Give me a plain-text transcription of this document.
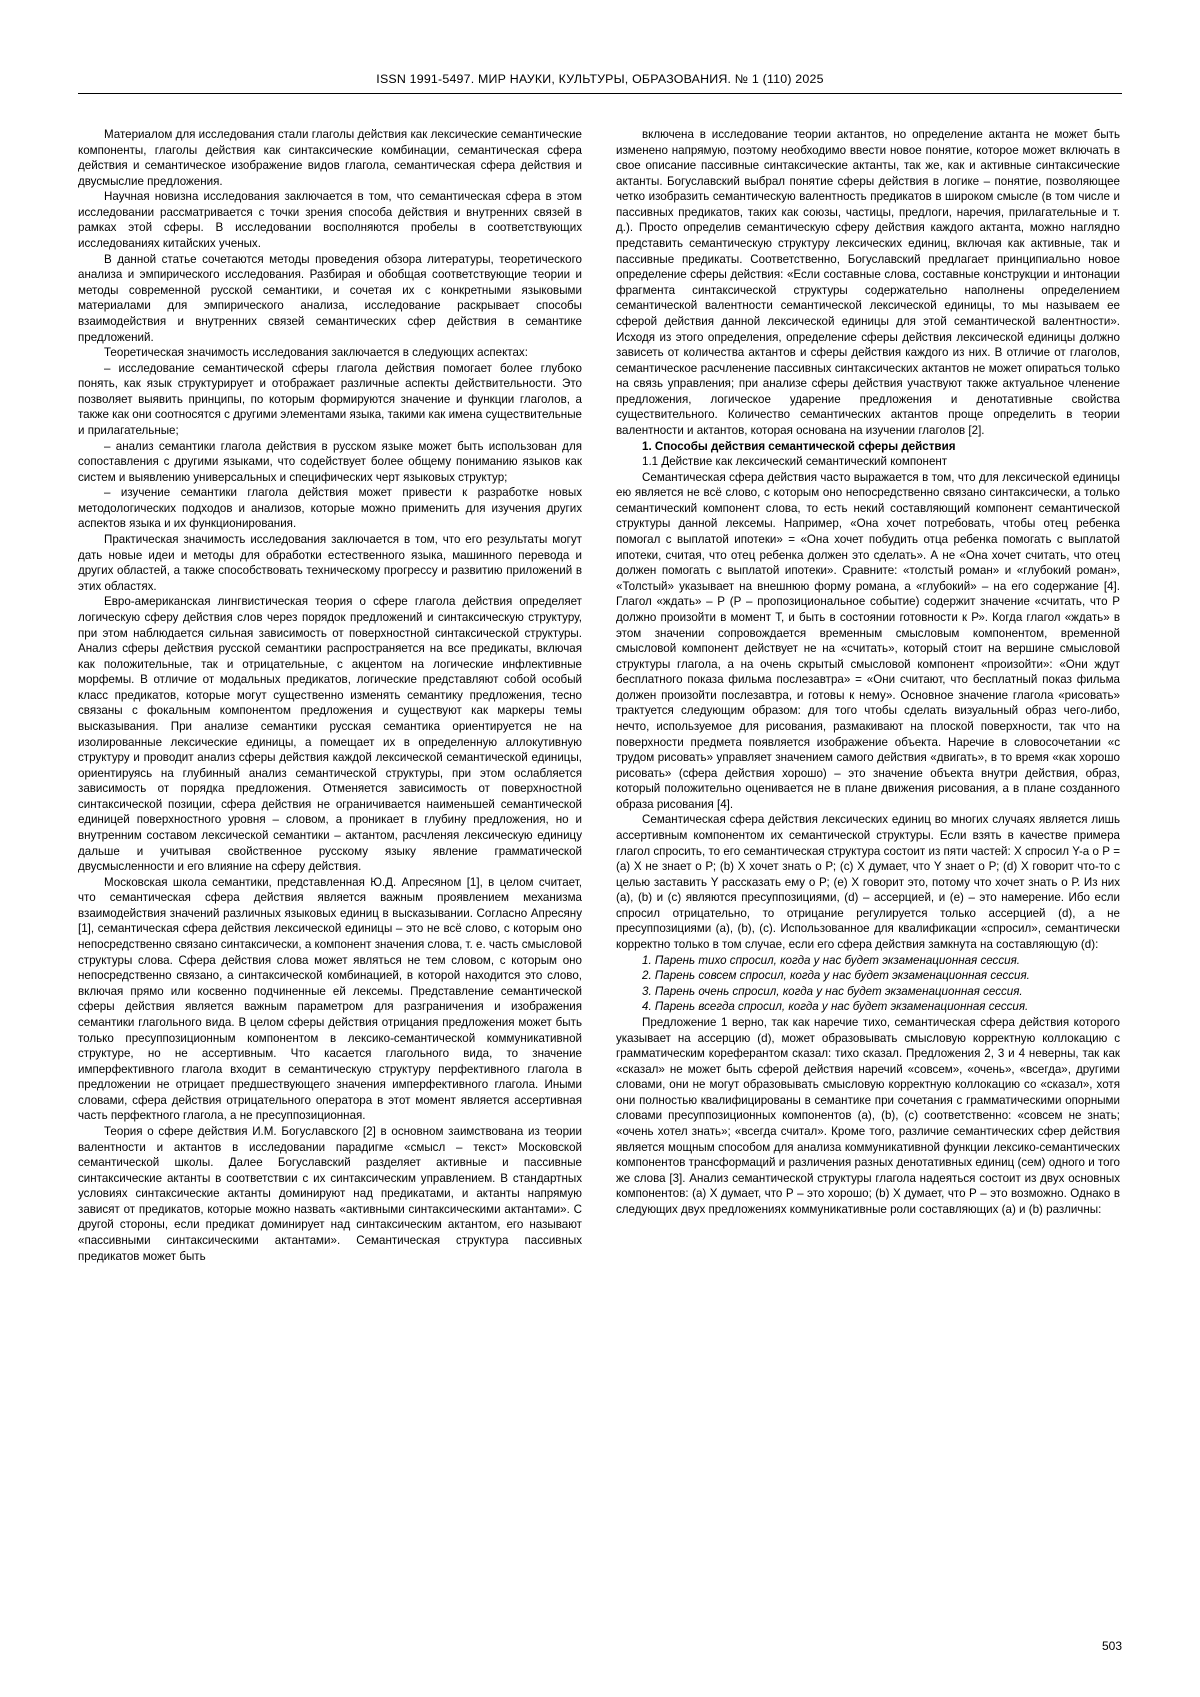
ISSN 1991-5497. МИР НАУКИ, КУЛЬТУРЫ, ОБРАЗОВАНИЯ. № 1 (110) 2025

Материалом для исследования стали глаголы действия как лексические семантические компоненты, глаголы действия как синтаксические комбинации, семантическая сфера действия и семантическое изображение видов глагола, семантическая сфера действия и двусмыслие предложения.

Научная новизна исследования заключается в том, что семантическая сфера в этом исследовании рассматривается с точки зрения способа действия и внутренних связей в рамках этой сферы. В исследовании восполняются пробелы в соответствующих исследованиях китайских ученых.

В данной статье сочетаются методы проведения обзора литературы, теоретического анализа и эмпирического исследования. Разбирая и обобщая соответствующие теории и методы современной русской семантики, и сочетая их с конкретными языковыми материалами для эмпирического анализа, исследование раскрывает способы взаимодействия и внутренних связей семантических сфер действия в семантике предложений.

Теоретическая значимость исследования заключается в следующих аспектах:

– исследование семантической сферы глагола действия помогает более глубоко понять, как язык структурирует и отображает различные аспекты действительности. Это позволяет выявить принципы, по которым формируются значение и функции глаголов, а также как они соотносятся с другими элементами языка, такими как имена существительные и прилагательные;

– анализ семантики глагола действия в русском языке может быть использован для сопоставления с другими языками, что содействует более общему пониманию языков как систем и выявлению универсальных и специфических черт языковых структур;

– изучение семантики глагола действия может привести к разработке новых методологических подходов и анализов, которые можно применить для изучения других аспектов языка и их функционирования.

Практическая значимость исследования заключается в том, что его результаты могут дать новые идеи и методы для обработки естественного языка, машинного перевода и других областей, а также способствовать техническому прогрессу и развитию приложений в этих областях.

Евро-американская лингвистическая теория о сфере глагола действия определяет логическую сферу действия слов через порядок предложений и синтаксическую структуру, при этом наблюдается сильная зависимость от поверхностной синтаксической структуры. Анализ сферы действия русской семантики распространяется на все предикаты, включая как положительные, так и отрицательные, с акцентом на логические инфлективные морфемы. В отличие от модальных предикатов, логические представляют собой особый класс предикатов, которые могут существенно изменять семантику предложения, тесно связаны с фокальным компонентом предложения и существуют как маркеры темы высказывания. При анализе семантики русская семантика ориентируется не на изолированные лексические единицы, а помещает их в определенную аллокутивную структуру и проводит анализ сферы действия каждой лексической семантической единицы, ориентируясь на глубинный анализ семантической структуры, при этом ослабляется зависимость от порядка предложения. Отменяется зависимость от поверхностной синтаксической позиции, сфера действия не ограничивается наименьшей семантической единицей поверхностного уровня – словом, а проникает в глубину предложения, но и внутренним составом лексической семантики – актантом, расчленяя лексическую единицу дальше и учитывая свойственное русскому языку явление грамматической двусмысленности и его влияние на сферу действия.

Московская школа семантики, представленная Ю.Д. Апресяном [1], в целом считает, что семантическая сфера действия является важным проявлением механизма взаимодействия значений различных языковых единиц в высказывании. Согласно Апресяну [1], семантическая сфера действия лексической единицы – это не всё слово, с которым оно непосредственно связано синтаксически, а компонент значения слова, т. е. часть смысловой структуры слова. Сфера действия слова может являться не тем словом, с которым оно непосредственно связано, а синтаксической комбинацией, в которой находится это слово, включая прямо или косвенно подчиненные ей лексемы. Представление семантической сферы действия является важным параметром для разграничения и изображения семантики глагольного вида. В целом сферы действия отрицания предложения может быть только пресуппозиционным компонентом в лексико-семантической коммуникативной структуре, но не ассертивным. Что касается глагольного вида, то значение имперфективного глагола входит в семантическую структуру перфективного глагола в предложении не отрицает предшествующего значения имперфективного глагола. Иными словами, сфера действия отрицательного оператора в этот момент является ассертивная часть перфектного глагола, а не пресуппозиционная.

Теория о сфере действия И.М. Богуславского [2] в основном заимствована из теории валентности и актантов в исследовании парадигме «смысл – текст» Московской семантической школы. Далее Богуславский разделяет активные и пассивные синтаксические актанты в соответствии с их синтаксическим управлением. В стандартных условиях синтаксические актанты доминируют над предикатами, и актанты напрямую зависят от предикатов, которые можно назвать «активными синтаксическими актантами». С другой стороны, если предикат доминирует над синтаксическим актантом, его называют «пассивными синтаксическими актантами». Семантическая структура пассивных предикатов может быть

включена в исследование теории актантов, но определение актанта не может быть изменено напрямую, поэтому необходимо ввести новое понятие, которое может включать в свое описание пассивные синтаксические актанты, так же, как и активные синтаксические актанты. Богуславский выбрал понятие сферы действия в логике – понятие, позволяющее четко изобразить семантическую валентность предикатов в широком смысле (в том числе и пассивных предикатов, таких как союзы, частицы, предлоги, наречия, прилагательные и т. д.). Просто определив семантическую сферу действия каждого актанта, можно наглядно представить семантическую структуру лексических единиц, включая как активные, так и пассивные предикаты. Соответственно, Богуславский предлагает принципиально новое определение сферы действия: «Если составные слова, составные конструкции и интонации фрагмента синтаксической структуры содержательно наполнены определением семантической валентности семантической лексической единицы, то мы называем ее сферой действия данной лексической единицы для этой семантической валентности». Исходя из этого определения, определение сферы действия лексической единицы должно зависеть от количества актантов и сферы действия каждого из них. В отличие от глаголов, семантическое расчленение пассивных синтаксических актантов не может опираться только на связь управления; при анализе сферы действия участвуют также актуальное членение предложения, логическое ударение предложения и денотативные свойства существительного. Количество семантических актантов проще определить в теории валентности и актантов, которая основана на изучении глаголов [2].

1. Способы действия семантической сферы действия

1.1 Действие как лексический семантический компонент

Семантическая сфера действия часто выражается в том, что для лексической единицы ею является не всё слово, с которым оно непосредственно связано синтаксически, а только семантический компонент слова, то есть некий составляющий компонент семантической структуры данной лексемы. Например, «Она хочет потребовать, чтобы отец ребенка помогал с выплатой ипотеки» = «Она хочет побудить отца ребенка помогать с выплатой ипотеки, считая, что отец ребенка должен это сделать». А не «Она хочет считать, что отец должен помогать с выплатой ипотеки». Сравните: «толстый роман» и «глубокий роман», «Толстый» указывает на внешнюю форму романа, а «глубокий» – на его содержание [4]. Глагол «ждать» – Р (Р – пропозициональное событие) содержит значение «считать, что Р должно произойти в момент Т, и быть в состоянии готовности к Р». Когда глагол «ждать» в этом значении сопровождается временным смысловым компонентом, временной смысловой компонент действует не на «считать», который стоит на вершине смысловой структуры глагола, а на очень скрытый смысловой компонент «произойти»: «Они ждут бесплатного показа фильма послезавтра» = «Они считают, что бесплатный показ фильма должен произойти послезавтра, и готовы к нему». Основное значение глагола «рисовать» трактуется следующим образом: для того чтобы сделать визуальный образ чего-либо, нечто, используемое для рисования, размакивают на плоской поверхности, так что на поверхности предмета появляется изображение объекта. Наречие в словосочетании «с трудом рисовать» управляет значением самого действия «двигать», в то время «как хорошо рисовать» (сфера действия хорошо) – это значение объекта внутри действия, образ, который положительно оценивается не в плане движения рисования, а в плане созданного образа рисования [4].

Семантическая сфера действия лексических единиц во многих случаях является лишь ассертивным компонентом их семантической структуры. Если взять в качестве примера глагол спросить, то его семантическая структура состоит из пяти частей: Х спросил Y-а о Р = (a) Х не знает о Р; (b) Х хочет знать о Р; (c) Х думает, что Y знает о Р; (d) Х говорит что-то с целью заставить Y рассказать ему о Р; (e) Х говорит это, потому что хочет знать о Р. Из них (a), (b) и (c) являются пресуппозициями, (d) – ассерцией, и (e) – это намерение. Ибо если спросил отрицательно, то отрицание регулируется только ассерцией (d), а не пресуппозициями (a), (b), (c). Использованное для квалификации «спросил», семантически корректно только в том случае, если его сфера действия замкнута на составляющую (d):

1. Парень тихо спросил, когда у нас будет экзаменационная сессия.

2. Парень совсем спросил, когда у нас будет экзаменационная сессия.

3. Парень очень спросил, когда у нас будет экзаменационная сессия.

4. Парень всегда спросил, когда у нас будет экзаменационная сессия.

Предложение 1 верно, так как наречие тихо, семантическая сфера действия которого указывает на ассерцию (d), может образовывать смысловую корректную коллокацию с грамматическим кореферантом сказал: тихо сказал. Предложения 2, 3 и 4 неверны, так как «сказал» не может быть сферой действия наречий «совсем», «очень», «всегда», другими словами, они не могут образовывать смысловую корректную коллокацию со «сказал», хотя они полностью квалифицированы в семантике при сочетания с грамматическими опорными словами пресуппозиционных компонентов (a), (b), (c) соответственно: «совсем не знать; «очень хотел знать»; «всегда считал». Кроме того, различие семантических сфер действия является мощным способом для анализа коммуникативной функции лексико-семантических компонентов трансформаций и различения разных денотативных единиц (сем) одного и того же слова [3]. Анализ семантической структуры глагола надеяться состоит из двух основных компонентов: (a) Х думает, что Р – это хорошо; (b) Х думает, что Р – это возможно. Однако в следующих двух предложениях коммуникативные роли составляющих (a) и (b) различны:

503
